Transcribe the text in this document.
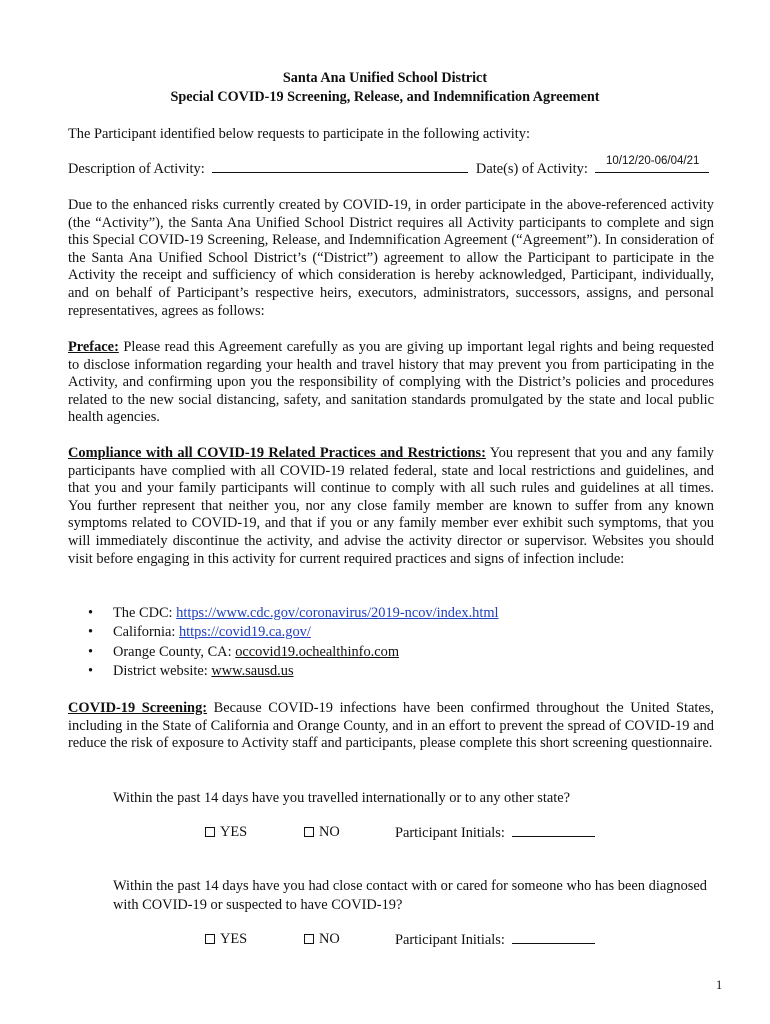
Santa Ana Unified School District
Special COVID-19 Screening, Release, and Indemnification Agreement
The Participant identified below requests to participate in the following activity:
Description of Activity:	Date(s) of Activity:	10/12/20-06/04/21
Due to the enhanced risks currently created by COVID-19, in order participate in the above-referenced activity (the “Activity”), the Santa Ana Unified School District requires all Activity participants to complete and sign this Special COVID-19 Screening, Release, and Indemnification Agreement (“Agreement”). In consideration of the Santa Ana Unified School District’s (“District”) agreement to allow the Participant to participate in the Activity the receipt and sufficiency of which consideration is hereby acknowledged, Participant, individually, and on behalf of Participant’s respective heirs, executors, administrators, successors, assigns, and personal representatives, agrees as follows:
Preface: Please read this Agreement carefully as you are giving up important legal rights and being requested to disclose information regarding your health and travel history that may prevent you from participating in the Activity, and confirming upon you the responsibility of complying with the District’s policies and procedures related to the new social distancing, safety, and sanitation standards promulgated by the state and local public health agencies.
Compliance with all COVID-19 Related Practices and Restrictions: You represent that you and any family participants have complied with all COVID-19 related federal, state and local restrictions and guidelines, and that you and your family participants will continue to comply with all such rules and guidelines at all times. You further represent that neither you, nor any close family member are known to suffer from any known symptoms related to COVID-19, and that if you or any family member ever exhibit such symptoms, that you will immediately discontinue the activity, and advise the activity director or supervisor. Websites you should visit before engaging in this activity for current required practices and signs of infection include:
• The CDC: https://www.cdc.gov/coronavirus/2019-ncov/index.html
• California: https://covid19.ca.gov/
• Orange County, CA: occovid19.ochealthinfo.com
• District website: www.sausd.us
COVID-19 Screening: Because COVID-19 infections have been confirmed throughout the United States, including in the State of California and Orange County, and in an effort to prevent the spread of COVID-19 and reduce the risk of exposure to Activity staff and participants, please complete this short screening questionnaire.
Within the past 14 days have you travelled internationally or to any other state?
YES	NO	Participant Initials:
Within the past 14 days have you had close contact with or cared for someone who has been diagnosed with COVID-19 or suspected to have COVID-19?
YES	NO	Participant Initials:
1
